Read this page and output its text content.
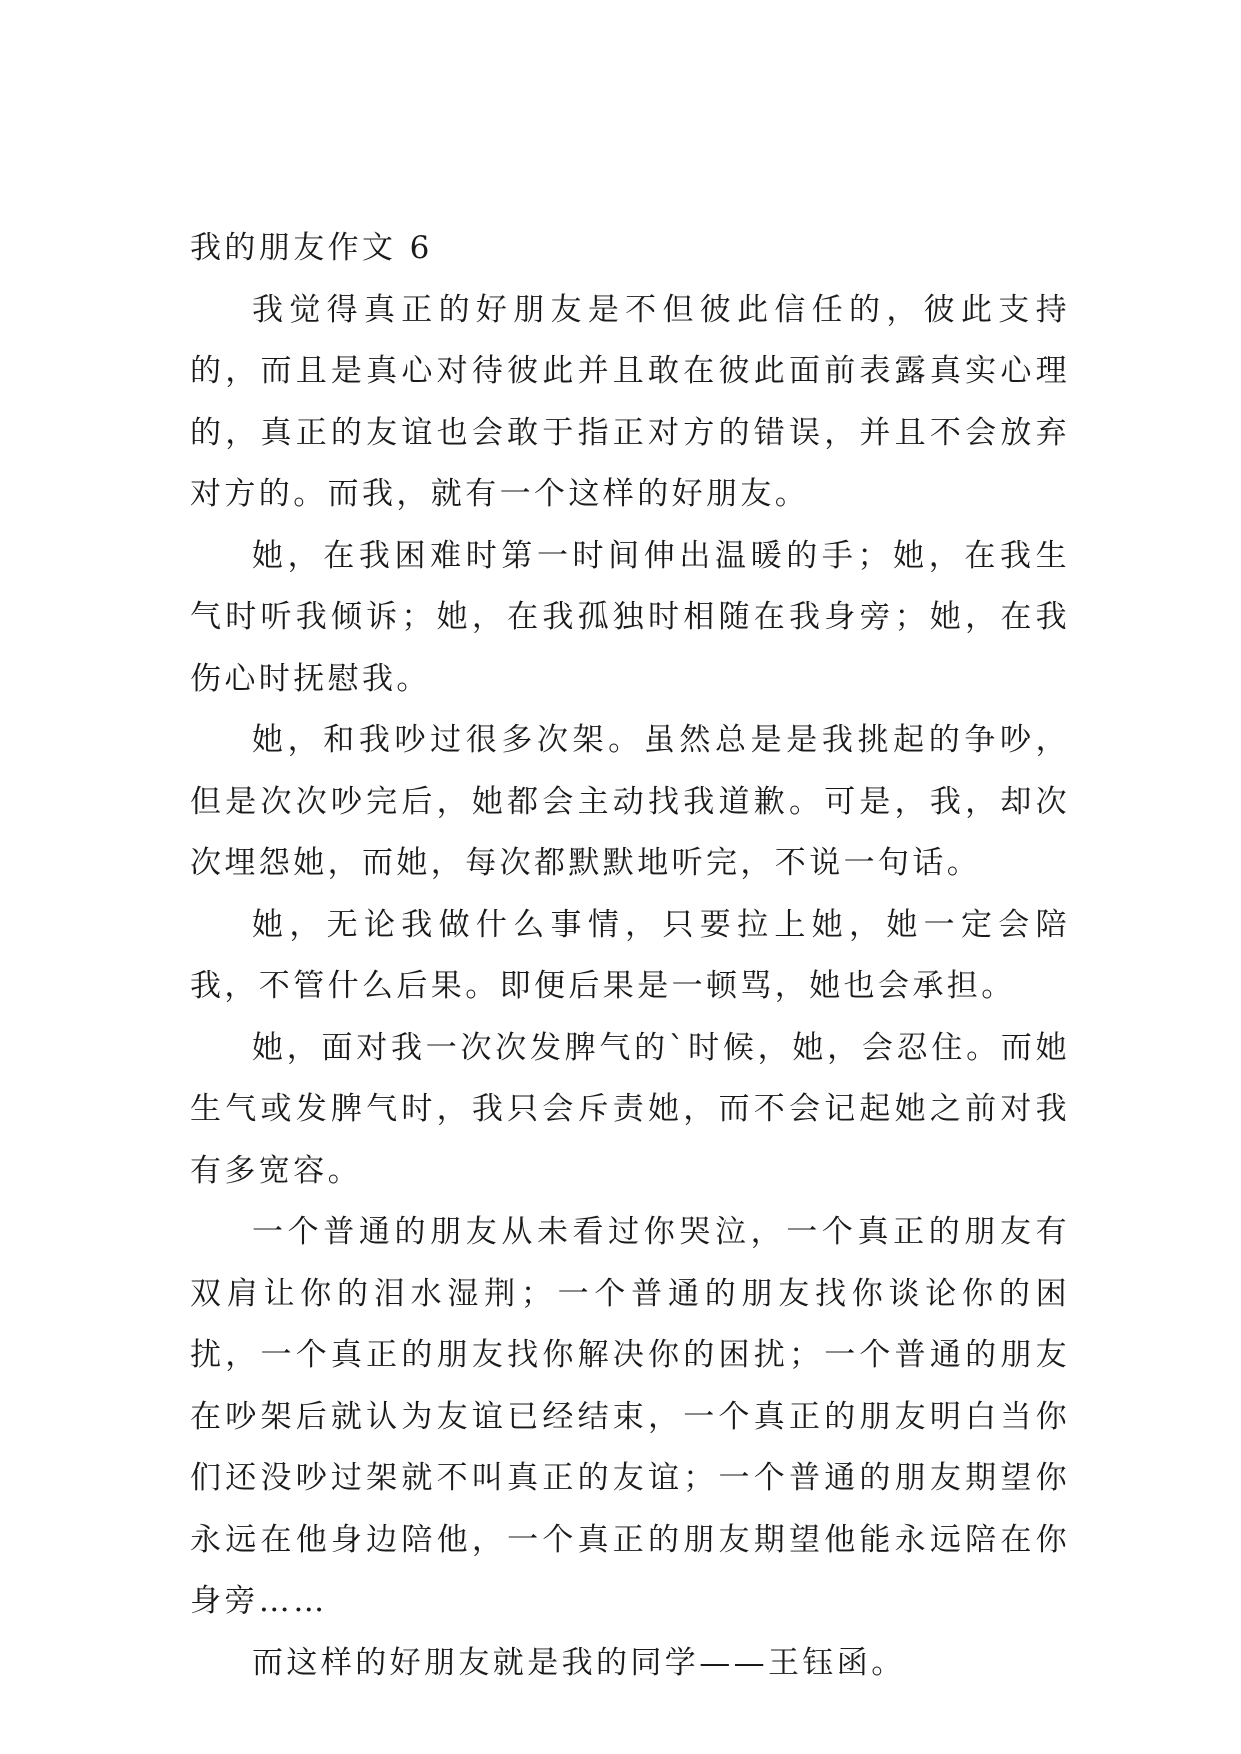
我的朋友作文 6

我觉得真正的好朋友是不但彼此信任的，彼此支持的，而且是真心对待彼此并且敢在彼此面前表露真实心理的，真正的友谊也会敢于指正对方的错误，并且不会放弃对方的。而我，就有一个这样的好朋友。

她，在我困难时第一时间伸出温暖的手；她，在我生气时听我倾诉；她，在我孤独时相随在我身旁；她，在我伤心时抚慰我。

她，和我吵过很多次架。虽然总是是我挑起的争吵，但是次次吵完后，她都会主动找我道歉。可是，我，却次次埋怨她，而她，每次都默默地听完，不说一句话。

她，无论我做什么事情，只要拉上她，她一定会陪我，不管什么后果。即便后果是一顿骂，她也会承担。

她，面对我一次次发脾气的`时候，她，会忍住。而她生气或发脾气时，我只会斥责她，而不会记起她之前对我有多宽容。

一个普通的朋友从未看过你哭泣，一个真正的朋友有双肩让你的泪水湿荆；一个普通的朋友找你谈论你的困扰，一个真正的朋友找你解决你的困扰；一个普通的朋友在吵架后就认为友谊已经结束，一个真正的朋友明白当你们还没吵过架就不叫真正的友谊；一个普通的朋友期望你永远在他身边陪他，一个真正的朋友期望他能永远陪在你身旁……

而这样的好朋友就是我的同学——王钰函。
